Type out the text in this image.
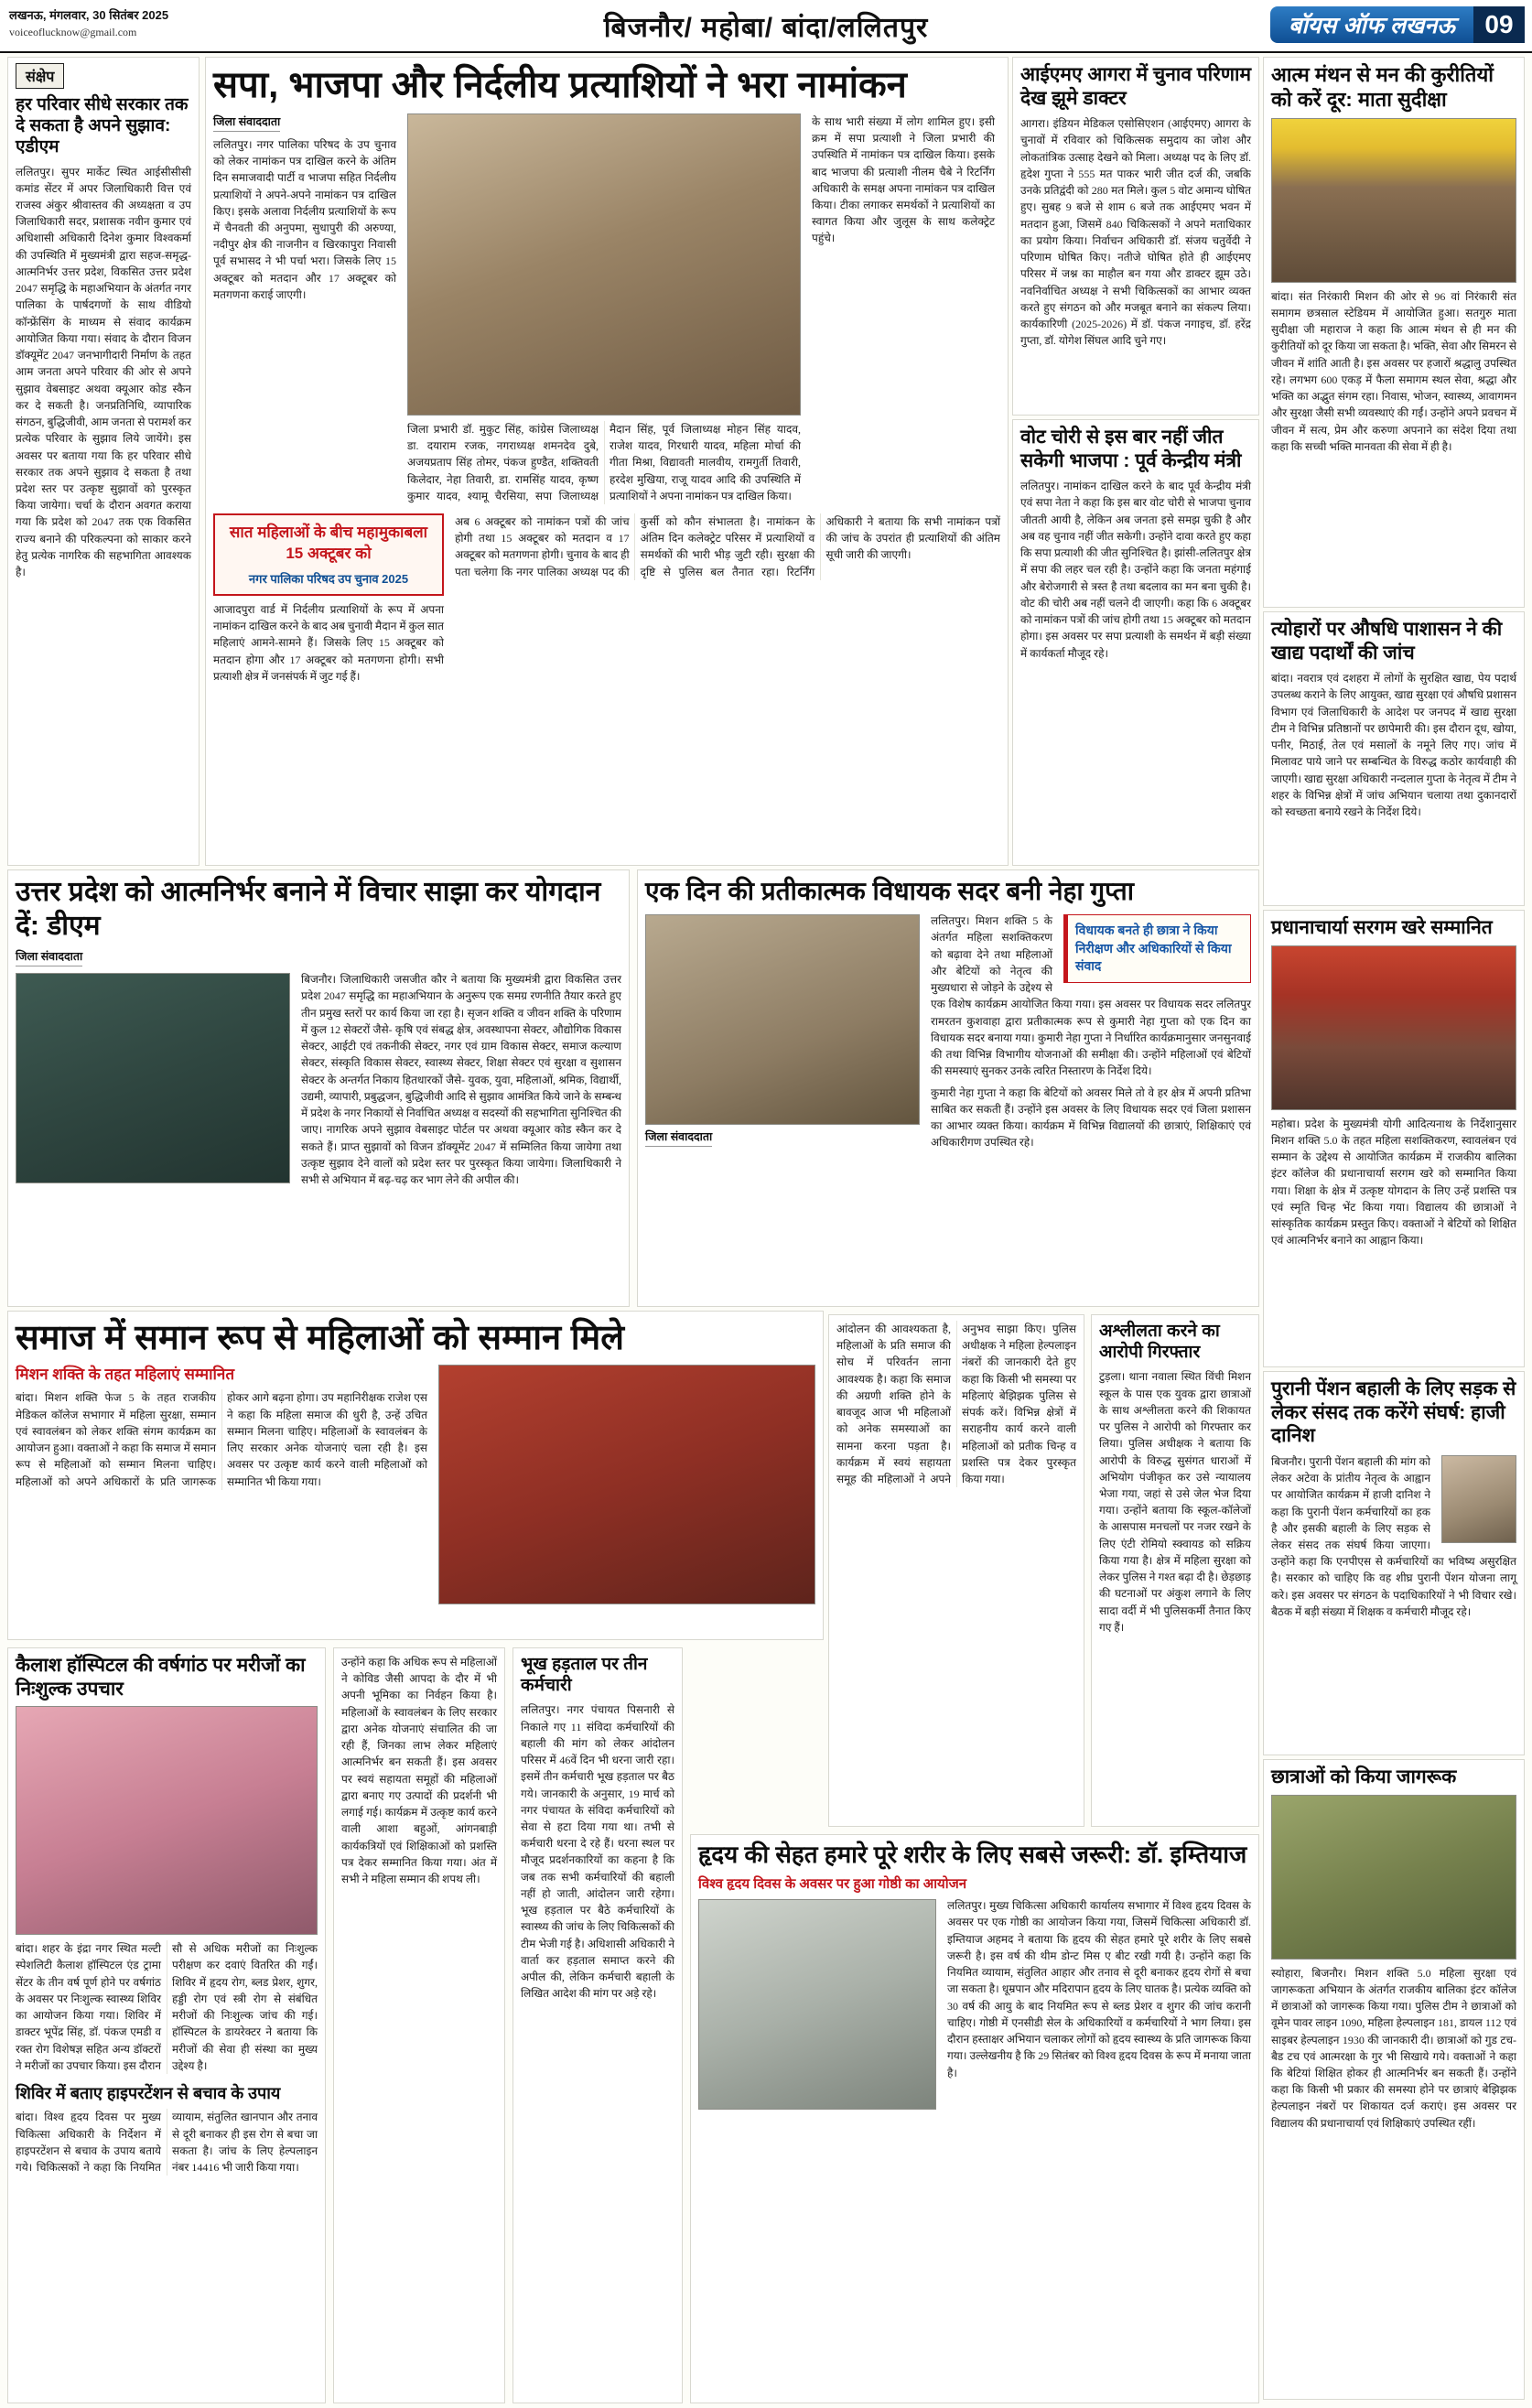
लखनऊ, मंगलवार, 30 सितंबर 2025
voiceoflucknow@gmail.com	बिजनौर/ महोबा/ बांदा/ललितपुर	बॉयस ऑफ लखनऊ	09
संक्षेप
हर परिवार सीधे सरकार तक दे सकता है अपने सुझाव: एडीएम

ललितपुर। सुपर मार्केट स्थित आईसीसीसी कमांड सेंटर में अपर जिलाधिकारी वित्त एवं राजस्व अंकुर श्रीवास्तव की अध्यक्षता व उप जिलाधिकारी सदर, प्रशासक नवीन कुमार एवं अधिशासी अधिकारी दिनेश कुमार विश्वकर्मा की उपस्थिति में मुख्यमंत्री द्वारा सहज-समृद्ध-आत्मनिर्भर उत्तर प्रदेश, विकसित उत्तर प्रदेश 2047 समृद्धि के महाअभियान के अंतर्गत नगर पालिका के पार्षदगणों के साथ वीडियो कॉन्फ्रेंसिंग के माध्यम से संवाद कार्यक्रम आयोजित किया गया। संवाद के दौरान विजन डॉक्यूमेंट 2047 जनभागीदारी निर्माण के तहत आम जनता अपने परिवार की ओर से अपने सुझाव वेबसाइट अथवा क्यूआर कोड स्कैन कर दे सकती है। जनप्रतिनिधि, व्यापारिक संगठन, बुद्धिजीवी, आम जनता से परामर्श कर प्रत्येक परिवार के सुझाव लिये जायेंगे। इस अवसर पर बताया गया कि हर परिवार सीधे सरकार तक अपने सुझाव दे सकता है तथा प्रदेश स्तर पर उत्कृष्ट सुझावों को पुरस्कृत किया जायेगा। चर्चा के दौरान अवगत कराया गया कि प्रदेश को 2047 तक एक विकसित राज्य बनाने की परिकल्पना को साकार करने हेतु प्रत्येक नागरिक की सहभागिता आवश्यक है।

सपा, भाजपा और निर्दलीय प्रत्याशियों ने भरा नामांकन
जिला संवाददाता

ललितपुर। नगर पालिका परिषद के उप चुनाव को लेकर नामांकन पत्र दाखिल करने के अंतिम दिन समाजवादी पार्टी व भाजपा सहित निर्दलीय प्रत्याशियों ने अपने-अपने नामांकन पत्र दाखिल किए। इसके अलावा निर्दलीय प्रत्याशियों के रूप में चैनवती की अनुपमा, सुधापुरी की अरुण्या, नदीपुर क्षेत्र की नाजनीन व खिरकापुरा निवासी पूर्व सभासद ने भी पर्चा भरा। जिसके लिए 15 अक्टूबर को मतदान और 17 अक्टूबर को मतगणना कराई जाएगी।

जिला प्रभारी डॉ. मुकुट सिंह, कांग्रेस जिलाध्यक्ष डा. दयाराम रजक, नगराध्यक्ष शमनदेव दुबे, अजयप्रताप सिंह तोमर, पंकज हुण्डैत, शक्तिवती किलेदार, नेहा तिवारी, डा. रामसिंह यादव, कृष्ण कुमार यादव, श्यामू चैरसिया, सपा जिलाध्यक्ष मैदान सिंह, पूर्व जिलाध्यक्ष मोहन सिंह यादव, राजेश यादव, गिरधारी यादव, महिला मोर्चा की गीता मिश्रा, विद्यावती मालवीय, रामगुर्ती तिवारी, हरदेश मुखिया, राजू यादव आदि की उपस्थिति में प्रत्याशियों ने अपना नामांकन पत्र दाखिल किया।

के साथ भारी संख्या में लोग शामिल हुए। इसी क्रम में सपा प्रत्याशी ने जिला प्रभारी की उपस्थिति में नामांकन पत्र दाखिल किया। इसके बाद भाजपा की प्रत्याशी नीलम चैबे ने रिटर्निंग अधिकारी के समक्ष अपना नामांकन पत्र दाखिल किया। टीका लगाकर समर्थकों ने प्रत्याशियों का स्वागत किया और जुलूस के साथ कलेक्ट्रेट पहुंचे।

सात महिलाओं के बीच महामुकाबला 15 अक्टूबर को
नगर पालिका परिषद उप चुनाव 2025

आजादपुरा वार्ड में निर्दलीय प्रत्याशियों के रूप में अपना नामांकन दाखिल करने के बाद अब चुनावी मैदान में कुल सात महिलाएं आमने-सामने हैं। जिसके लिए 15 अक्टूबर को मतदान होगा और 17 अक्टूबर को मतगणना होगी। सभी प्रत्याशी क्षेत्र में जनसंपर्क में जुट गई हैं।

अब 6 अक्टूबर को नामांकन पत्रों की जांच होगी तथा 15 अक्टूबर को मतदान व 17 अक्टूबर को मतगणना होगी। चुनाव के बाद ही पता चलेगा कि नगर पालिका अध्यक्ष पद की कुर्सी को कौन संभालता है। नामांकन के अंतिम दिन कलेक्ट्रेट परिसर में प्रत्याशियों व समर्थकों की भारी भीड़ जुटी रही। सुरक्षा की दृष्टि से पुलिस बल तैनात रहा। रिटर्निंग अधिकारी ने बताया कि सभी नामांकन पत्रों की जांच के उपरांत ही प्रत्याशियों की अंतिम सूची जारी की जाएगी।

आईएमए आगरा में चुनाव परिणाम देख झूमे डाक्टर

आगरा। इंडियन मेडिकल एसोसिएशन (आईएमए) आगरा के चुनावों में रविवार को चिकित्सक समुदाय का जोश और लोकतांत्रिक उत्साह देखने को मिला। अध्यक्ष पद के लिए डॉ. हृदेश गुप्ता ने 555 मत पाकर भारी जीत दर्ज की, जबकि उनके प्रतिद्वंदी को 280 मत मिले। कुल 5 वोट अमान्य घोषित हुए। सुबह 9 बजे से शाम 6 बजे तक आईएमए भवन में मतदान हुआ, जिसमें 840 चिकित्सकों ने अपने मताधिकार का प्रयोग किया। निर्वाचन अधिकारी डॉ. संजय चतुर्वेदी ने परिणाम घोषित किए। नतीजे घोषित होते ही आईएमए परिसर में जश्न का माहौल बन गया और डाक्टर झूम उठे। नवनिर्वाचित अध्यक्ष ने सभी चिकित्सकों का आभार व्यक्त करते हुए संगठन को और मजबूत बनाने का संकल्प लिया। कार्यकारिणी (2025-2026) में डॉ. पंकज नगाइच, डॉ. हरेंद्र गुप्ता, डॉ. योगेश सिंघल आदि चुने गए।

वोट चोरी से इस बार नहीं जीत सकेगी भाजपा : पूर्व केन्द्रीय मंत्री

ललितपुर। नामांकन दाखिल करने के बाद पूर्व केन्द्रीय मंत्री एवं सपा नेता ने कहा कि इस बार वोट चोरी से भाजपा चुनाव जीतती आयी है, लेकिन अब जनता इसे समझ चुकी है और अब वह चुनाव नहीं जीत सकेगी। उन्होंने दावा करते हुए कहा कि सपा प्रत्याशी की जीत सुनिश्चित है। झांसी-ललितपुर क्षेत्र में सपा की लहर चल रही है। उन्होंने कहा कि जनता महंगाई और बेरोजगारी से त्रस्त है तथा बदलाव का मन बना चुकी है। वोट की चोरी अब नहीं चलने दी जाएगी। कहा कि 6 अक्टूबर को नामांकन पत्रों की जांच होगी तथा 15 अक्टूबर को मतदान होगा। इस अवसर पर सपा प्रत्याशी के समर्थन में बड़ी संख्या में कार्यकर्ता मौजूद रहे।

आत्म मंथन से मन की कुरीतियों को करें दूर: माता सुदीक्षा

बांदा। संत निरंकारी मिशन की ओर से 96 वां निरंकारी संत समागम छत्रसाल स्टेडियम में आयोजित हुआ। सतगुरु माता सुदीक्षा जी महाराज ने कहा कि आत्म मंथन से ही मन की कुरीतियों को दूर किया जा सकता है। भक्ति, सेवा और सिमरन से जीवन में शांति आती है। इस अवसर पर हजारों श्रद्धालु उपस्थित रहे। लगभग 600 एकड़ में फैला समागम स्थल सेवा, श्रद्धा और भक्ति का अद्भुत संगम रहा। निवास, भोजन, स्वास्थ्य, आवागमन और सुरक्षा जैसी सभी व्यवस्थाएं की गईं। उन्होंने अपने प्रवचन में जीवन में सत्य, प्रेम और करुणा अपनाने का संदेश दिया तथा कहा कि सच्ची भक्ति मानवता की सेवा में ही है।

त्योहारों पर औषधि पाशासन ने की खाद्य पदार्थों की जांच

बांदा। नवरात्र एवं दशहरा में लोगों के सुरक्षित खाद्य, पेय पदार्थ उपलब्ध कराने के लिए आयुक्त, खाद्य सुरक्षा एवं औषधि प्रशासन विभाग एवं जिलाधिकारी के आदेश पर जनपद में खाद्य सुरक्षा टीम ने विभिन्न प्रतिष्ठानों पर छापेमारी की। इस दौरान दूध, खोया, पनीर, मिठाई, तेल एवं मसालों के नमूने लिए गए। जांच में मिलावट पाये जाने पर सम्बन्धित के विरुद्ध कठोर कार्यवाही की जाएगी। खाद्य सुरक्षा अधिकारी नन्दलाल गुप्ता के नेतृत्व में टीम ने शहर के विभिन्न क्षेत्रों में जांच अभियान चलाया तथा दुकानदारों को स्वच्छता बनाये रखने के निर्देश दिये।

प्रधानाचार्या सरगम खरे सम्मानित

महोबा। प्रदेश के मुख्यमंत्री योगी आदित्यनाथ के निर्देशानुसार मिशन शक्ति 5.0 के तहत महिला सशक्तिकरण, स्वावलंबन एवं सम्मान के उद्देश्य से आयोजित कार्यक्रम में राजकीय बालिका इंटर कॉलेज की प्रधानाचार्या सरगम खरे को सम्मानित किया गया। शिक्षा के क्षेत्र में उत्कृष्ट योगदान के लिए उन्हें प्रशस्ति पत्र एवं स्मृति चिन्ह भेंट किया गया। विद्यालय की छात्राओं ने सांस्कृतिक कार्यक्रम प्रस्तुत किए। वक्ताओं ने बेटियों को शिक्षित एवं आत्मनिर्भर बनाने का आह्वान किया।

पुरानी पेंशन बहाली के लिए सड़क से लेकर संसद तक करेंगे संघर्ष: हाजी दानिश

बिजनौर। पुरानी पेंशन बहाली की मांग को लेकर अटेवा के प्रांतीय नेतृत्व के आह्वान पर आयोजित कार्यक्रम में हाजी दानिश ने कहा कि पुरानी पेंशन कर्मचारियों का हक है और इसकी बहाली के लिए सड़क से लेकर संसद तक संघर्ष किया जाएगा। उन्होंने कहा कि एनपीएस से कर्मचारियों का भविष्य असुरक्षित है। सरकार को चाहिए कि वह शीघ्र पुरानी पेंशन योजना लागू करे। इस अवसर पर संगठन के पदाधिकारियों ने भी विचार रखे। बैठक में बड़ी संख्या में शिक्षक व कर्मचारी मौजूद रहे।

छात्राओं को किया जागरूक

स्योहारा, बिजनौर। मिशन शक्ति 5.0 महिला सुरक्षा एवं जागरूकता अभियान के अंतर्गत राजकीय बालिका इंटर कॉलेज में छात्राओं को जागरूक किया गया। पुलिस टीम ने छात्राओं को वूमेन पावर लाइन 1090, महिला हेल्पलाइन 181, डायल 112 एवं साइबर हेल्पलाइन 1930 की जानकारी दी। छात्राओं को गुड टच-बैड टच एवं आत्मरक्षा के गुर भी सिखाये गये। वक्ताओं ने कहा कि बेटियां शिक्षित होकर ही आत्मनिर्भर बन सकती हैं। उन्होंने कहा कि किसी भी प्रकार की समस्या होने पर छात्राएं बेझिझक हेल्पलाइन नंबरों पर शिकायत दर्ज कराएं। इस अवसर पर विद्यालय की प्रधानाचार्या एवं शिक्षिकाएं उपस्थित रहीं।

उत्तर प्रदेश को आत्मनिर्भर बनाने में विचार साझा कर योगदान दें: डीएम
जिला संवाददाता

बिजनौर। जिलाधिकारी जसजीत कौर ने बताया कि मुख्यमंत्री द्वारा विकसित उत्तर प्रदेश 2047 समृद्धि का महाअभियान के अनुरूप एक समग्र रणनीति तैयार करते हुए तीन प्रमुख स्तरों पर कार्य किया जा रहा है। सृजन शक्ति व जीवन शक्ति के परिणाम में कुल 12 सेक्टरों जैसे- कृषि एवं संबद्ध क्षेत्र, अवस्थापना सेक्टर, औद्योगिक विकास सेक्टर, आईटी एवं तकनीकी सेक्टर, नगर एवं ग्राम विकास सेक्टर, समाज कल्याण सेक्टर, संस्कृति विकास सेक्टर, स्वास्थ्य सेक्टर, शिक्षा सेक्टर एवं सुरक्षा व सुशासन सेक्टर के अन्तर्गत निकाय हितधारकों जैसे- युवक, युवा, महिलाओं, श्रमिक, विद्यार्थी, उद्यमी, व्यापारी, प्रबुद्धजन, बुद्धिजीवी आदि से सुझाव आमंत्रित किये जाने के सम्बन्ध में प्रदेश के नगर निकायों से निर्वाचित अध्यक्ष व सदस्यों की सहभागिता सुनिश्चित की जाए। नागरिक अपने सुझाव वेबसाइट पोर्टल पर अथवा क्यूआर कोड स्कैन कर दे सकते हैं। प्राप्त सुझावों को विजन डॉक्यूमेंट 2047 में सम्मिलित किया जायेगा तथा उत्कृष्ट सुझाव देने वालों को प्रदेश स्तर पर पुरस्कृत किया जायेगा। जिलाधिकारी ने सभी से अभियान में बढ़-चढ़ कर भाग लेने की अपील की।

एक दिन की प्रतीकात्मक विधायक सदर बनी नेहा गुप्ता
जिला संवाददाता
विधायक बनते ही छात्रा ने किया निरीक्षण और अधिकारियों से किया संवाद

ललितपुर। मिशन शक्ति 5 के अंतर्गत महिला सशक्तिकरण को बढ़ावा देने तथा महिलाओं और बेटियों को नेतृत्व की मुख्यधारा से जोड़ने के उद्देश्य से एक विशेष कार्यक्रम आयोजित किया गया। इस अवसर पर विधायक सदर ललितपुर रामरतन कुशवाहा द्वारा प्रतीकात्मक रूप से कुमारी नेहा गुप्ता को एक दिन का विधायक सदर बनाया गया। कुमारी नेहा गुप्ता ने निर्धारित कार्यक्रमानुसार जनसुनवाई की तथा विभिन्न विभागीय योजनाओं की समीक्षा की। उन्होंने महिलाओं एवं बेटियों की समस्याएं सुनकर उनके त्वरित निस्तारण के निर्देश दिये।

कुमारी नेहा गुप्ता ने कहा कि बेटियों को अवसर मिले तो वे हर क्षेत्र में अपनी प्रतिभा साबित कर सकती हैं। उन्होंने इस अवसर के लिए विधायक सदर एवं जिला प्रशासन का आभार व्यक्त किया। कार्यक्रम में विभिन्न विद्यालयों की छात्राएं, शिक्षिकाएं एवं अधिकारीगण उपस्थित रहे।

समाज में समान रूप से महिलाओं को सम्मान मिले
मिशन शक्ति के तहत महिलाएं सम्मानित

बांदा। मिशन शक्ति फेज 5 के तहत राजकीय मेडिकल कॉलेज सभागार में महिला सुरक्षा, सम्मान एवं स्वावलंबन को लेकर शक्ति संगम कार्यक्रम का आयोजन हुआ। वक्ताओं ने कहा कि समाज में समान रूप से महिलाओं को सम्मान मिलना चाहिए। महिलाओं को अपने अधिकारों के प्रति जागरूक होकर आगे बढ़ना होगा। उप महानिरीक्षक राजेश एस ने कहा कि महिला समाज की धुरी है, उन्हें उचित सम्मान मिलना चाहिए। महिलाओं के स्वावलंबन के लिए सरकार अनेक योजनाएं चला रही है। इस अवसर पर उत्कृष्ट कार्य करने वाली महिलाओं को सम्मानित भी किया गया।

उन्होंने कहा कि अधिक रूप से महिलाओं ने कोविड जैसी आपदा के दौर में भी अपनी भूमिका का निर्वहन किया है। महिलाओं के स्वावलंबन के लिए सरकार द्वारा अनेक योजनाएं संचालित की जा रही हैं, जिनका लाभ लेकर महिलाएं आत्मनिर्भर बन सकती हैं। इस अवसर पर स्वयं सहायता समूहों की महिलाओं द्वारा बनाए गए उत्पादों की प्रदर्शनी भी लगाई गई। कार्यक्रम में उत्कृष्ट कार्य करने वाली आशा बहुओं, आंगनबाड़ी कार्यकत्रियों एवं शिक्षिकाओं को प्रशस्ति पत्र देकर सम्मानित किया गया। अंत में सभी ने महिला सम्मान की शपथ ली।

कैलाश हॉस्पिटल की वर्षगांठ पर मरीजों का निःशुल्क उपचार

बांदा। शहर के इंद्रा नगर स्थित मल्टी स्पेशलिटी कैलाश हॉस्पिटल एंड ट्रामा सेंटर के तीन वर्ष पूर्ण होने पर वर्षगांठ के अवसर पर निःशुल्क स्वास्थ्य शिविर का आयोजन किया गया। शिविर में डाक्टर भूपेंद्र सिंह, डॉ. पंकज एमडी व रक्त रोग विशेषज्ञ सहित अन्य डॉक्टरों ने मरीजों का उपचार किया। इस दौरान सौ से अधिक मरीजों का निःशुल्क परीक्षण कर दवाएं वितरित की गईं। शिविर में हृदय रोग, ब्लड प्रेशर, शुगर, हड्डी रोग एवं स्त्री रोग से संबंधित मरीजों की निःशुल्क जांच की गई। हॉस्पिटल के डायरेक्टर ने बताया कि मरीजों की सेवा ही संस्था का मुख्य उद्देश्य है।

शिविर में बताए हाइपरटेंशन से बचाव के उपाय

बांदा। विश्व हृदय दिवस पर मुख्य चिकित्सा अधिकारी के निर्देशन में हाइपरटेंशन से बचाव के उपाय बताये गये। चिकित्सकों ने कहा कि नियमित व्यायाम, संतुलित खानपान और तनाव से दूरी बनाकर ही इस रोग से बचा जा सकता है। जांच के लिए हेल्पलाइन नंबर 14416 भी जारी किया गया।

भूख हड़ताल पर तीन कर्मचारी

ललितपुर। नगर पंचायत पिसनारी से निकाले गए 11 संविदा कर्मचारियों की बहाली की मांग को लेकर आंदोलन परिसर में 46वें दिन भी धरना जारी रहा। इसमें तीन कर्मचारी भूख हड़ताल पर बैठ गये। जानकारी के अनुसार, 19 मार्च को नगर पंचायत के संविदा कर्मचारियों को सेवा से हटा दिया गया था। तभी से कर्मचारी धरना दे रहे हैं। धरना स्थल पर मौजूद प्रदर्शनकारियों का कहना है कि जब तक सभी कर्मचारियों की बहाली नहीं हो जाती, आंदोलन जारी रहेगा। भूख हड़ताल पर बैठे कर्मचारियों के स्वास्थ्य की जांच के लिए चिकित्सकों की टीम भेजी गई है। अधिशासी अधिकारी ने वार्ता कर हड़ताल समाप्त करने की अपील की, लेकिन कर्मचारी बहाली के लिखित आदेश की मांग पर अड़े रहे।

हृदय की सेहत हमारे पूरे शरीर के लिए सबसे जरूरी: डॉ. इम्तियाज
विश्व हृदय दिवस के अवसर पर हुआ गोष्ठी का आयोजन

ललितपुर। मुख्य चिकित्सा अधिकारी कार्यालय सभागार में विश्व हृदय दिवस के अवसर पर एक गोष्ठी का आयोजन किया गया, जिसमें चिकित्सा अधिकारी डॉ. इम्तियाज अहमद ने बताया कि हृदय की सेहत हमारे पूरे शरीर के लिए सबसे जरूरी है। इस वर्ष की थीम डोन्ट मिस ए बीट रखी गयी है। उन्होंने कहा कि नियमित व्यायाम, संतुलित आहार और तनाव से दूरी बनाकर हृदय रोगों से बचा जा सकता है। धूम्रपान और मदिरापान हृदय के लिए घातक है। प्रत्येक व्यक्ति को 30 वर्ष की आयु के बाद नियमित रूप से ब्लड प्रेशर व शुगर की जांच करानी चाहिए। गोष्ठी में एनसीडी सेल के अधिकारियों व कर्मचारियों ने भाग लिया। इस दौरान हस्ताक्षर अभियान चलाकर लोगों को हृदय स्वास्थ्य के प्रति जागरूक किया गया। उल्लेखनीय है कि 29 सितंबर को विश्व हृदय दिवस के रूप में मनाया जाता है।

आंदोलन की आवश्यकता है, महिलाओं के प्रति समाज की सोच में परिवर्तन लाना आवश्यक है। कहा कि समाज की अग्रणी शक्ति होने के बावजूद आज भी महिलाओं को अनेक समस्याओं का सामना करना पड़ता है। कार्यक्रम में स्वयं सहायता समूह की महिलाओं ने अपने अनुभव साझा किए। पुलिस अधीक्षक ने महिला हेल्पलाइन नंबरों की जानकारी देते हुए कहा कि किसी भी समस्या पर महिलाएं बेझिझक पुलिस से संपर्क करें। विभिन्न क्षेत्रों में सराहनीय कार्य करने वाली महिलाओं को प्रतीक चिन्ह व प्रशस्ति पत्र देकर पुरस्कृत किया गया।

अश्लीलता करने का आरोपी गिरफ्तार

टुड़ला। थाना नवाला स्थित विंची मिशन स्कूल के पास एक युवक द्वारा छात्राओं के साथ अश्लीलता करने की शिकायत पर पुलिस ने आरोपी को गिरफ्तार कर लिया। पुलिस अधीक्षक ने बताया कि आरोपी के विरुद्ध सुसंगत धाराओं में अभियोग पंजीकृत कर उसे न्यायालय भेजा गया, जहां से उसे जेल भेज दिया गया। उन्होंने बताया कि स्कूल-कॉलेजों के आसपास मनचलों पर नजर रखने के लिए एंटी रोमियो स्क्वायड को सक्रिय किया गया है। क्षेत्र में महिला सुरक्षा को लेकर पुलिस ने गश्त बढ़ा दी है। छेड़छाड़ की घटनाओं पर अंकुश लगाने के लिए सादा वर्दी में भी पुलिसकर्मी तैनात किए गए हैं।
